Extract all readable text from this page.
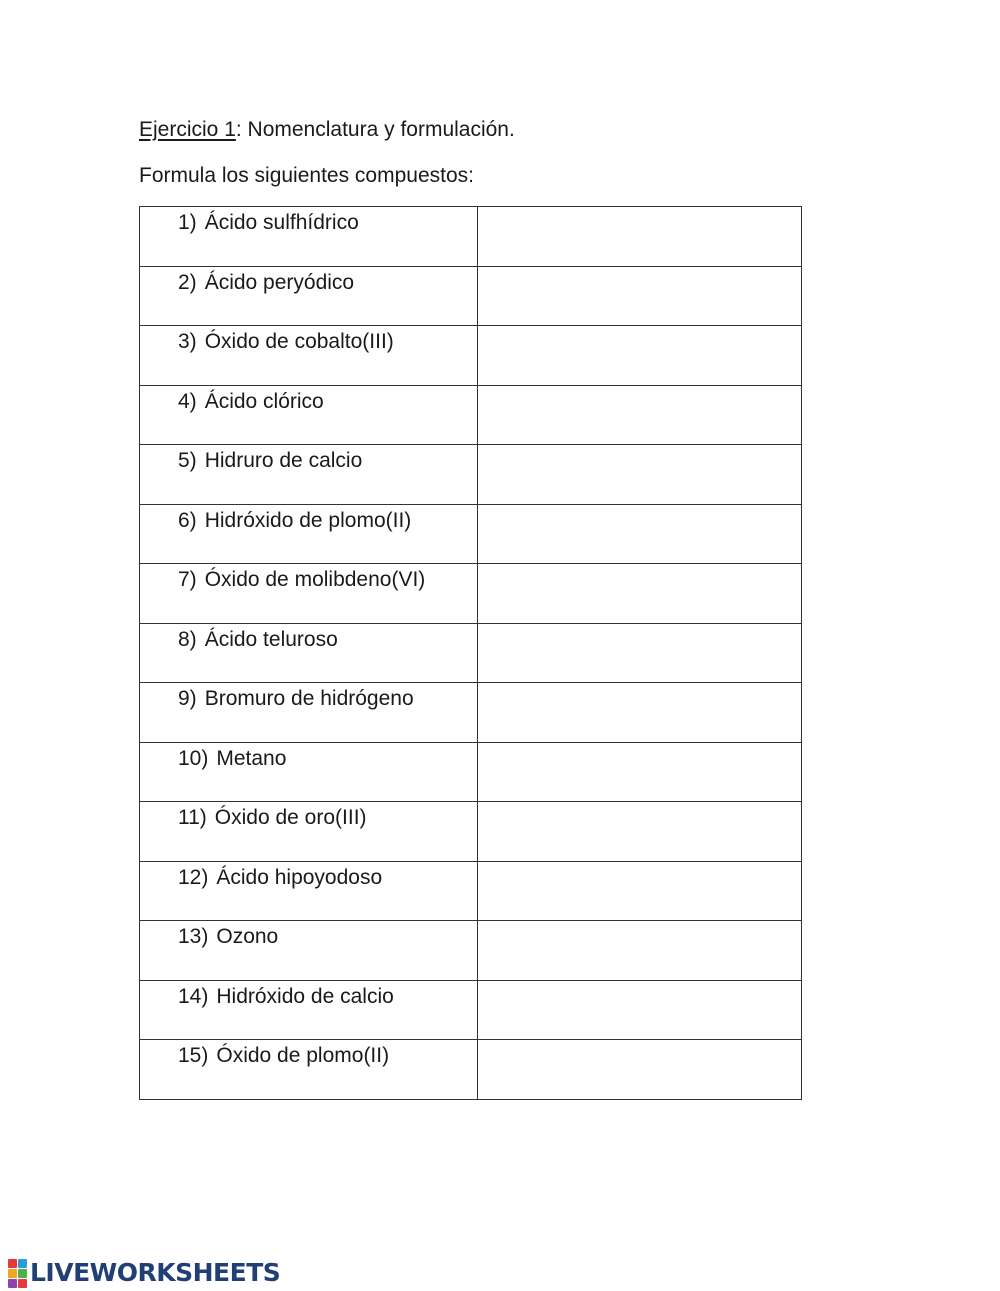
Ejercicio 1: Nomenclatura y formulación.
Formula los siguientes compuestos:
1) Ácido sulfhídrico	

2) Ácido peryódico	

3) Óxido de cobalto(III)	

4) Ácido clórico	

5) Hidruro de calcio	

6) Hidróxido de plomo(II)	

7) Óxido de molibdeno(VI)	

8) Ácido teluroso	

9) Bromuro de hidrógeno	

10) Metano	

11) Óxido de oro(III)	

12) Ácido hipoyodoso	

13) Ozono	

14) Hidróxido de calcio	

15) Óxido de plomo(II)	

LIVEWORKSHEETS
